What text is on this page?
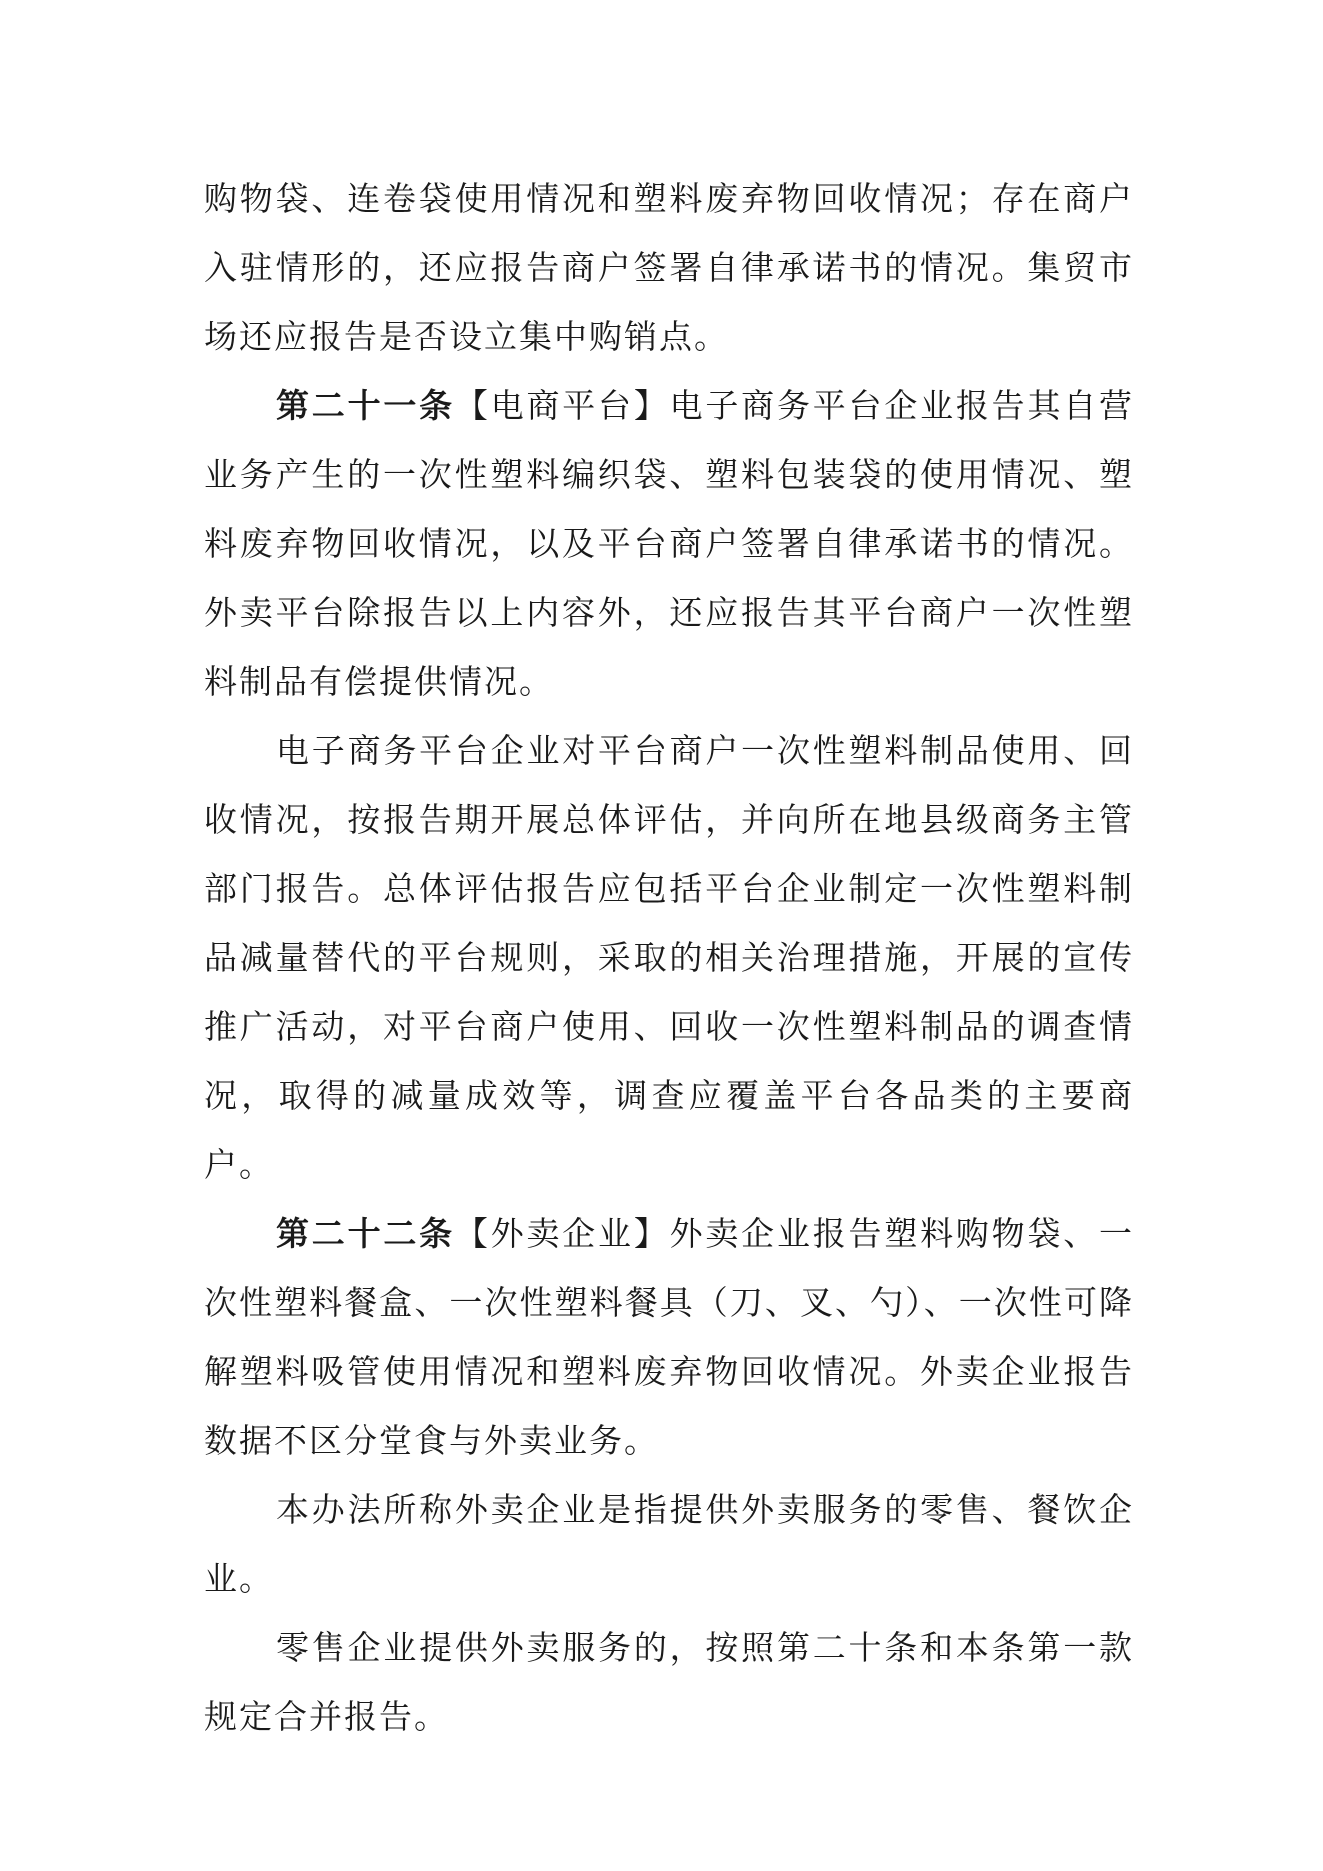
购物袋、连卷袋使用情况和塑料废弃物回收情况；存在商户入驻情形的，还应报告商户签署自律承诺书的情况。集贸市场还应报告是否设立集中购销点。

第二十一条【电商平台】电子商务平台企业报告其自营业务产生的一次性塑料编织袋、塑料包装袋的使用情况、塑料废弃物回收情况，以及平台商户签署自律承诺书的情况。外卖平台除报告以上内容外，还应报告其平台商户一次性塑料制品有偿提供情况。

电子商务平台企业对平台商户一次性塑料制品使用、回收情况，按报告期开展总体评估，并向所在地县级商务主管部门报告。总体评估报告应包括平台企业制定一次性塑料制品减量替代的平台规则，采取的相关治理措施，开展的宣传推广活动，对平台商户使用、回收一次性塑料制品的调查情况，取得的减量成效等，调查应覆盖平台各品类的主要商户。

第二十二条【外卖企业】外卖企业报告塑料购物袋、一次性塑料餐盒、一次性塑料餐具（刀、叉、勺）、一次性可降解塑料吸管使用情况和塑料废弃物回收情况。外卖企业报告数据不区分堂食与外卖业务。

本办法所称外卖企业是指提供外卖服务的零售、餐饮企业。

零售企业提供外卖服务的，按照第二十条和本条第一款规定合并报告。
